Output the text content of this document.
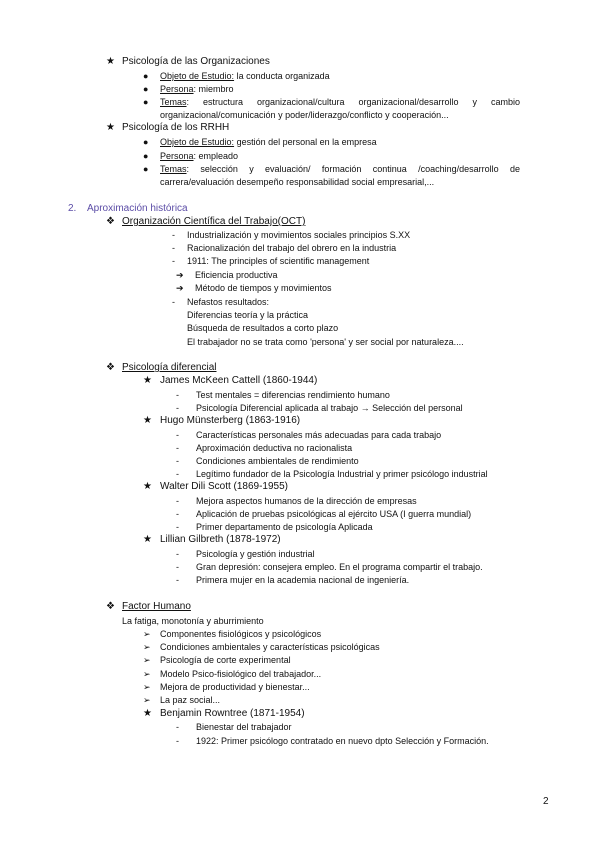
★ Psicología de las Organizaciones
● Objeto de Estudio: la conducta organizada
● Persona: miembro
● Temas: estructura organizacional/cultura organizacional/desarrollo y cambio
organizacional/comunicación y poder/liderazgo/conflicto y cooperación...
★ Psicología de los RRHH
● Objeto de Estudio: gestión del personal en la empresa
● Persona: empleado
● Temas: selección y evaluación/ formación continua /coaching/desarrollo de
carrera/evaluación desempeño responsabilidad social empresarial,...
2. Aproximación histórica
❖ Organización Científica del Trabajo(OCT)
- Industrialización y movimientos sociales principios S.XX
- Racionalización del trabajo del obrero en la industria
- 1911: The principles of scientific management
➔ Eficiencia productiva
➔ Método de tiempos y movimientos
- Nefastos resultados:
Diferencias teoría y la práctica
Búsqueda de resultados a corto plazo
El trabajador no se trata como 'persona' y ser social por naturaleza....
❖ Psicología diferencial
★ James McKeen Cattell (1860-1944)
- Test mentales = diferencias rendimiento humano
- Psicología Diferencial aplicada al trabajo → Selección del personal
★ Hugo Münsterberg (1863-1916)
- Características personales más adecuadas para cada trabajo
- Aproximación deductiva no racionalista
- Condiciones ambientales de rendimiento
- Legítimo fundador de la Psicología Industrial y primer psicólogo industrial
★ Walter Dili Scott (1869-1955)
- Mejora aspectos humanos de la dirección de empresas
- Aplicación de pruebas psicológicas al ejército USA (I guerra mundial)
- Primer departamento de psicología Aplicada
★ Lillian Gilbreth (1878-1972)
- Psicología y gestión industrial
- Gran depresión: consejera empleo. En el programa compartir el trabajo.
- Primera mujer en la academia nacional de ingeniería.
❖ Factor Humano
La fatiga, monotonía y aburrimiento
➢ Componentes fisiológicos y psicológicos
➢ Condiciones ambientales y características psicológicas
➢ Psicología de corte experimental
➢ Modelo Psico-fisiológico del trabajador...
➢ Mejora de productividad y bienestar...
➢ La paz social...
★ Benjamin Rowntree (1871-1954)
- Bienestar del trabajador
- 1922: Primer psicólogo contratado en nuevo dpto Selección y Formación.
2
